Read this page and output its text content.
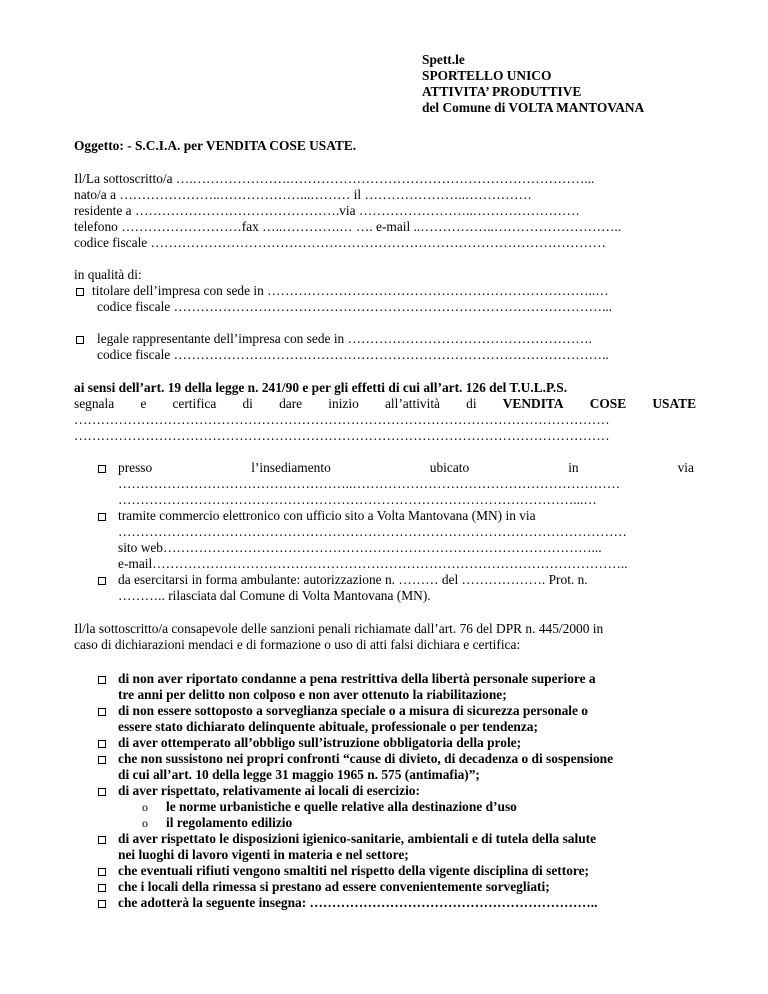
Spett.le
SPORTELLO UNICO
ATTIVITA’ PRODUTTIVE
del Comune di VOLTA MANTOVANA
Oggetto: - S.C.I.A. per VENDITA COSE USATE.
Il/La sottoscritto/a ….………………….…………………………………………………………...
nato/a a …………………..………………...……… il …………………..……………
residente a ……………………………………….via ……………………..……………………
telefono ………………………fax …..………….… …. e-mail ..……………..………………………..
codice fiscale …………………………………………………………………………………………
in qualità di:
titolare dell’impresa con sede in ………………………………………………………………..…
codice fiscale ……………………………………………………………………………………...
legale rappresentante dell’impresa con sede in ……………………………………………….
codice fiscale ……………………………………………………………………………………..
ai sensi dell’art. 19 della legge n. 241/90 e per gli effetti di cui all’art. 126 del T.U.L.P.S.
segnala e certifica di dare inizio all’attività di VENDITA COSE USATE
…………………………………………………………………………………………………………
…………………………………………………………………………………………………………
presso	l’insediamento	ubicato	in	via
……………………………………………..……………………………………………………
…………………………………………………………………………………………...…
tramite commercio elettronico con ufficio sito a Volta Mantovana (MN) in via
……………………………………………………………………………………………………
sito web……………………………………………………………………………………...
e-mail……………………………………………………………………………………………..
da esercitarsi in forma ambulante: autorizzazione n. ……… del ………………. Prot. n.
……….. rilasciata dal Comune di Volta Mantovana (MN).
Il/la sottoscritto/a consapevole delle sanzioni penali richiamate dall’art. 76 del DPR n. 445/2000 in
caso di dichiarazioni mendaci e di formazione o uso di atti falsi dichiara e certifica:
di non aver riportato condanne a pena restrittiva della libertà personale superiore a
tre anni per delitto non colposo e non aver ottenuto la riabilitazione;
di non essere sottoposto a sorveglianza speciale o a misura di sicurezza personale o
essere stato dichiarato delinquente abituale, professionale o per tendenza;
di aver ottemperato all’obbligo sull’istruzione obbligatoria della prole;
che non sussistono nei propri confronti “cause di divieto, di decadenza o di sospensione
di cui all’art. 10 della legge 31 maggio 1965 n. 575 (antimafia)”;
di aver rispettato, relativamente ai locali di esercizio:
o le norme urbanistiche e quelle relative alla destinazione d’uso
o il regolamento edilizio
di aver rispettato le disposizioni igienico-sanitarie, ambientali e di tutela della salute
nei luoghi di lavoro vigenti in materia e nel settore;
che eventuali rifiuti vengono smaltiti nel rispetto della vigente disciplina di settore;
che i locali della rimessa si prestano ad essere convenientemente sorvegliati;
che adotterà la seguente insegna: ………………………………………………………..
